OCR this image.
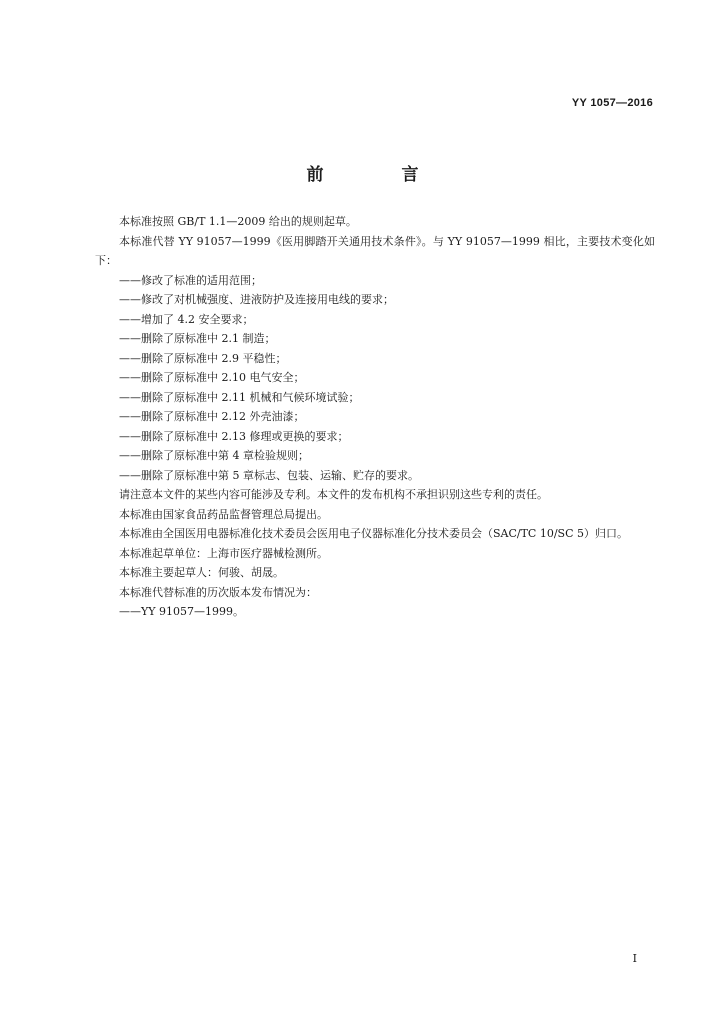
YY 1057—2016
前 言

本标准按照 GB/T 1.1—2009 给出的规则起草。

本标准代替 YY 91057—1999《医用脚踏开关通用技术条件》。与 YY 91057—1999 相比，主要技术变化如下：

——修改了标准的适用范围；

——修改了对机械强度、进液防护及连接用电线的要求；

——增加了 4.2 安全要求；

——删除了原标准中 2.1 制造；

——删除了原标准中 2.9 平稳性；

——删除了原标准中 2.10 电气安全；

——删除了原标准中 2.11 机械和气候环境试验；

——删除了原标准中 2.12 外壳油漆；

——删除了原标准中 2.13 修理或更换的要求；

——删除了原标准中第 4 章检验规则；

——删除了原标准中第 5 章标志、包装、运输、贮存的要求。

请注意本文件的某些内容可能涉及专利。本文件的发布机构不承担识别这些专利的责任。

本标准由国家食品药品监督管理总局提出。

本标准由全国医用电器标准化技术委员会医用电子仪器标准化分技术委员会（SAC/TC 10/SC 5）归口。

本标准起草单位：上海市医疗器械检测所。

本标准主要起草人：何骏、胡晟。

本标准代替标准的历次版本发布情况为：

——YY 91057—1999。

I
